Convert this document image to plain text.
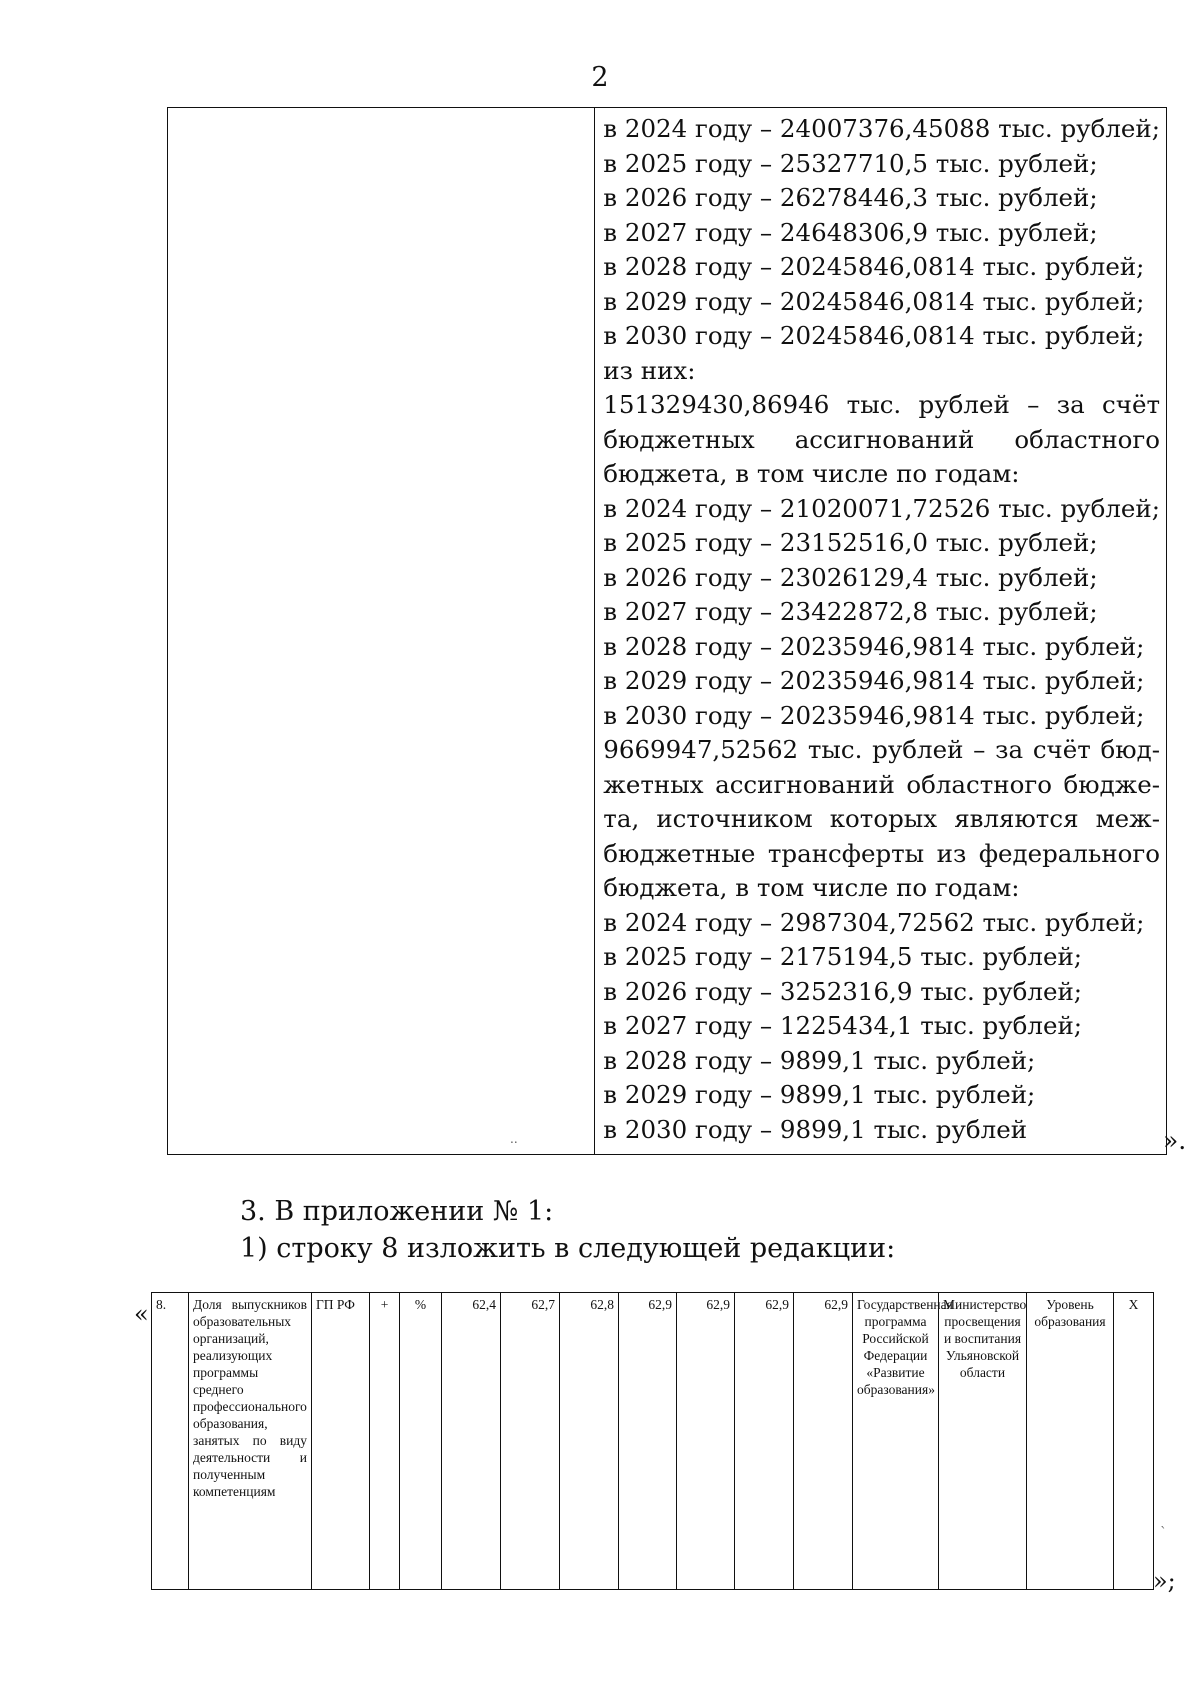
2
..
в 2024 году – 24007376,45088 тыс. рублей;
в 2025 году – 25327710,5 тыс. рублей;
в 2026 году – 26278446,3 тыс. рублей;
в 2027 году – 24648306,9 тыс. рублей;
в 2028 году – 20245846,0814 тыс. рублей;
в 2029 году – 20245846,0814 тыс. рублей;
в 2030 году – 20245846,0814 тыс. рублей;
из них:
151329430,86946 тыс. рублей – за счёт
бюджетных ассигнований областного
бюджета, в том числе по годам:
в 2024 году – 21020071,72526 тыс. рублей;
в 2025 году – 23152516,0 тыс. рублей;
в 2026 году – 23026129,4 тыс. рублей;
в 2027 году – 23422872,8 тыс. рублей;
в 2028 году – 20235946,9814 тыс. рублей;
в 2029 году – 20235946,9814 тыс. рублей;
в 2030 году – 20235946,9814 тыс. рублей;
9669947,52562 тыс. рублей – за счёт бюд-
жетных ассигнований областного бюдже-
та, источником которых являются меж-
бюджетные трансферты из федерального
бюджета, в том числе по годам:
в 2024 году – 2987304,72562 тыс. рублей;
в 2025 году – 2175194,5 тыс. рублей;
в 2026 году – 3252316,9 тыс. рублей;
в 2027 году – 1225434,1 тыс. рублей;
в 2028 году – 9899,1 тыс. рублей;
в 2029 году – 9899,1 тыс. рублей;
в 2030 году – 9899,1 тыс. рублей	».
3. В приложении № 1:
1) строку 8 изложить в следующей редакции:
« 8.	Доля выпускников образовательных организаций, реализующих программы среднего профессионального образования, занятых по виду деятельности и полученным компетенциям	ГП РФ	+	%	62,4	62,7	62,8	62,9	62,9	62,9	62,9	Государственная программа Российской Федерации «Развитие образования»	Министерство просвещения и воспитания Ульяновской области	Уровень образования	Х
`
»;
